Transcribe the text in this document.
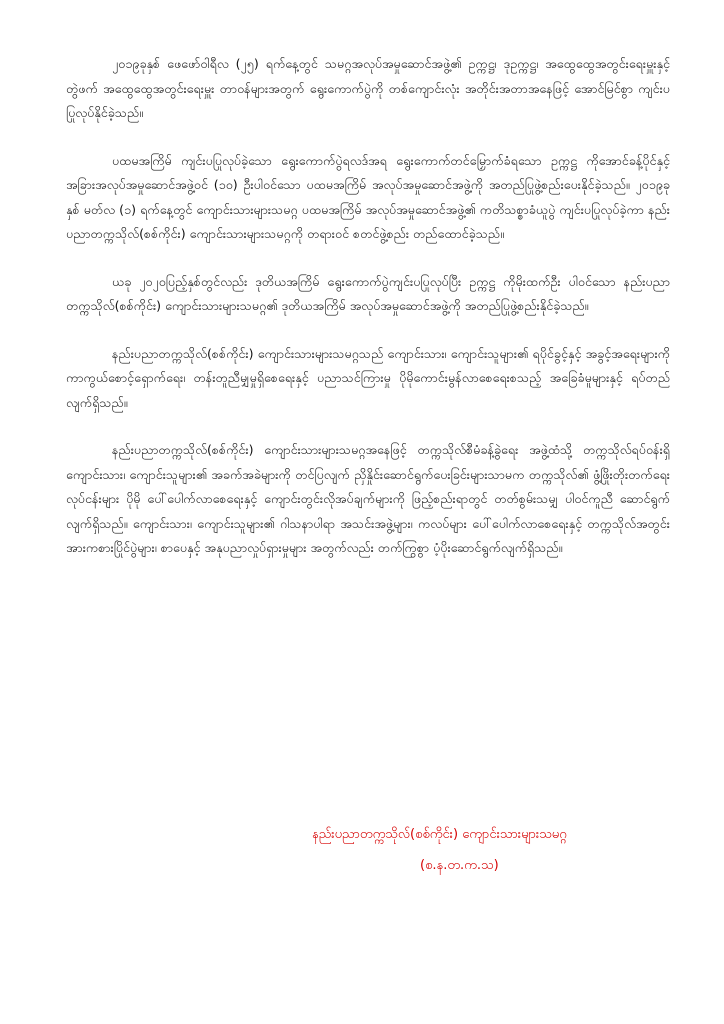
၂၀၁၉ခုနှစ် ဖေဖော်ဝါရီလ (၂၅) ရက်နေ့တွင် သမဂ္ဂအလုပ်အမှုဆောင်အဖွဲ့၏ ဥက္ကဋ္ဌ၊ ဒုဥက္ကဋ္ဌ၊ အထွေထွေအတွင်းရေးမှူးနှင့် တွဲဖက် အထွေထွေအတွင်းရေးမှူး တာဝန်များအတွက် ရွေးကောက်ပွဲကို တစ်ကျောင်းလုံး အတိုင်းအတာအနေဖြင့် အောင်မြင်စွာ ကျင်းပပြုလုပ်နိုင်ခဲ့သည်။

ပထမအကြိမ် ကျင်းပပြုလုပ်ခဲ့သော ရွေးကောက်ပွဲရလဒ်အရ ရွေးကောက်တင်မြှောက်ခံရသော ဥက္ကဋ္ဌ ကိုအောင်ခန့်ပိုင်နှင့် အခြားအလုပ်အမှုဆောင်အဖွဲ့ဝင် (၁၀) ဦးပါဝင်သော ပထမအကြိမ် အလုပ်အမှုဆောင်အဖွဲ့ကို အတည်ပြုဖွဲ့စည်းပေးနိုင်ခဲ့သည်။ ၂၀၁၉ခုနှစ် မတ်လ (၁) ရက်နေ့တွင် ကျောင်းသားများသမဂ္ဂ ပထမအကြိမ် အလုပ်အမှုဆောင်အဖွဲ့၏ ကတိသစ္စာခံယူပွဲ ကျင်းပပြုလုပ်ခဲ့ကာ နည်းပညာတက္ကသိုလ်(စစ်ကိုင်း) ကျောင်းသားများသမဂ္ဂကို တရားဝင် စတင်ဖွဲ့စည်း တည်ထောင်ခဲ့သည်။

ယခု ၂၀၂၀ပြည့်နှစ်တွင်လည်း ဒုတိယအကြိမ် ရွေးကောက်ပွဲကျင်းပပြုလုပ်ပြီး ဥက္ကဋ္ဌ ကိုမိုးထက်ဦး ပါဝင်သော နည်းပညာတက္ကသိုလ်(စစ်ကိုင်း) ကျောင်းသားများသမဂ္ဂ၏ ဒုတိယအကြိမ် အလုပ်အမှုဆောင်အဖွဲ့ကို အတည်ပြုဖွဲ့စည်းနိုင်ခဲ့သည်။

နည်းပညာတက္ကသိုလ်(စစ်ကိုင်း) ကျောင်းသားများသမဂ္ဂသည် ကျောင်းသား၊ ကျောင်းသူများ၏ ရပိုင်ခွင့်နှင့် အခွင့်အရေးများကို ကာကွယ်စောင့်ရှောက်ရေး၊ တန်းတူညီမျှမှုရှိစေရေးနှင့် ပညာသင်ကြားမှု ပိုမိုကောင်းမွန်လာစေရေးစသည့် အခြေခံမူများနှင့် ရပ်တည်လျက်ရှိသည်။

နည်းပညာတက္ကသိုလ်(စစ်ကိုင်း) ကျောင်းသားများသမဂ္ဂအနေဖြင့် တက္ကသိုလ်စီမံခန့်ခွဲရေး အဖွဲ့ထံသို့ တက္ကသိုလ်ရပ်ဝန်းရှိ ကျောင်းသား၊ ကျောင်းသူများ၏ အခက်အခဲများကို တင်ပြလျက် ညှိနှိုင်းဆောင်ရွက်ပေးခြင်းများသာမက တက္ကသိုလ်၏ ဖွံ့ဖြိုးတိုးတက်ရေးလုပ်ငန်းများ ပိုမို ပေါ်ပေါက်လာစေရေးနှင့် ကျောင်းတွင်းလိုအပ်ချက်များကို ဖြည့်စည်းရာတွင် တတ်စွမ်းသမျှ ပါဝင်ကူညီ ဆောင်ရွက်လျက်ရှိသည်။ ကျောင်းသား၊ ကျောင်းသူများ၏ ဂါသနာပါရာ အသင်းအဖွဲ့များ၊ ကလပ်များ ပေါ်ပေါက်လာစေရေးနှင့် တက္ကသိုလ်အတွင်း အားကစားပြိုင်ပွဲများ၊ စာပေနှင့် အနုပညာလှုပ်ရှားမှုများ အတွက်လည်း တက်ကြွစွာ ပံ့ပိုးဆောင်ရွက်လျက်ရှိသည်။

နည်းပညာတက္ကသိုလ်(စစ်ကိုင်း) ကျောင်းသားများသမဂ္ဂ
(စ.န.တ.က.သ)
